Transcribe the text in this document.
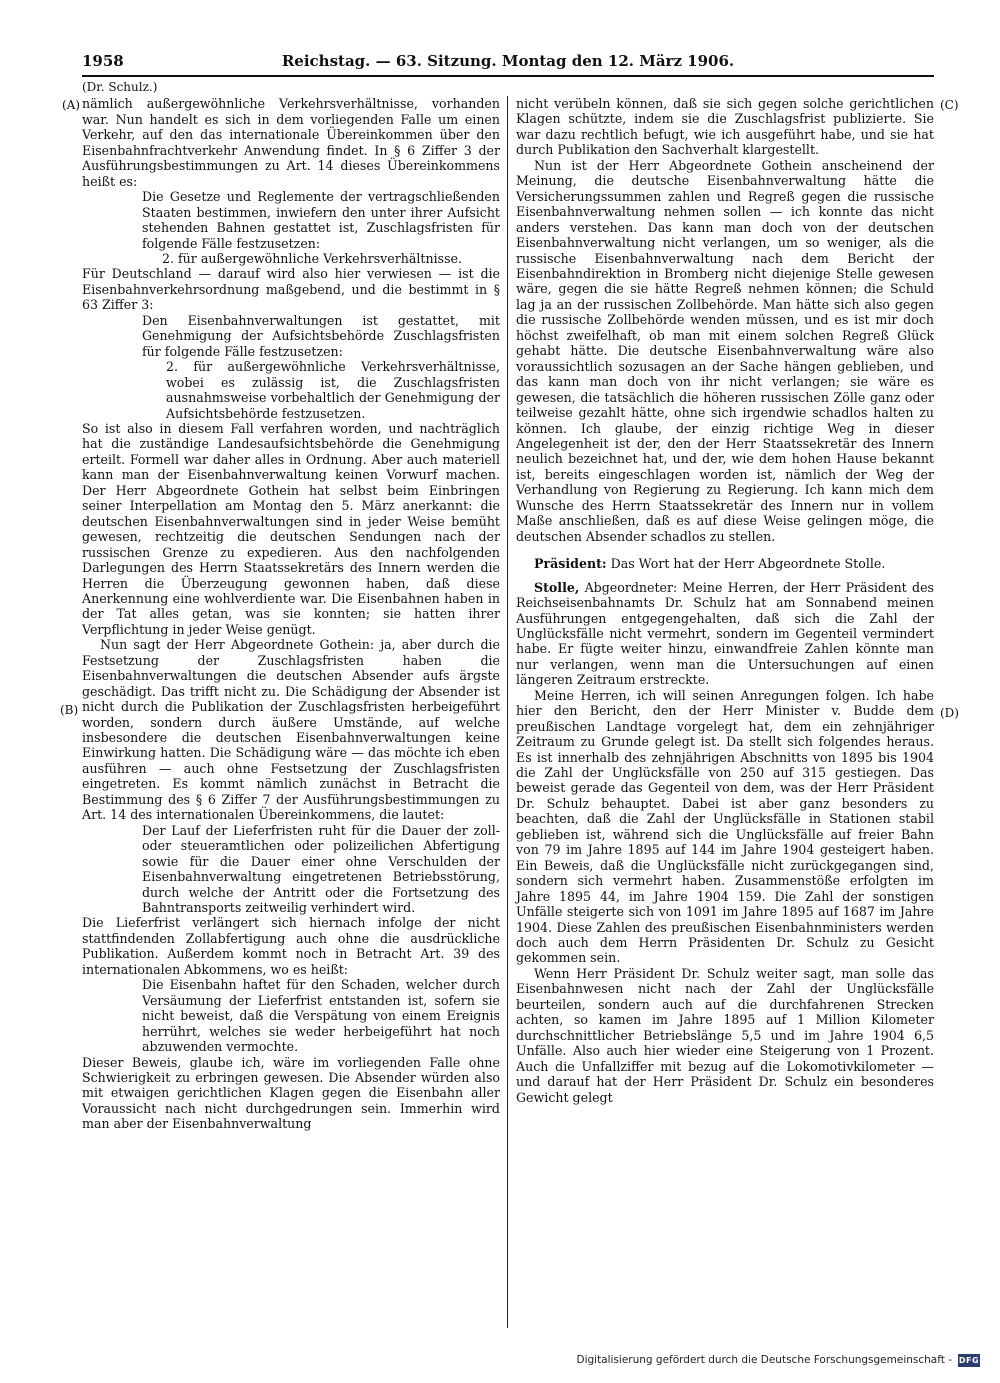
1958	Reichstag. — 63. Sitzung. Montag den 12. März 1906.
(A)
(B)
(C)
(D)
(Dr. Schulz.)

nämlich außergewöhnliche Verkehrsverhältnisse, vorhanden war. Nun handelt es sich in dem vorliegenden Falle um einen Verkehr, auf den das internationale Übereinkommen über den Eisenbahnfrachtverkehr Anwendung findet. In § 6 Ziffer 3 der Ausführungsbestimmungen zu Art. 14 dieses Übereinkommens heißt es:

Die Gesetze und Reglemente der vertragschließenden Staaten bestimmen, inwiefern den unter ihrer Aufsicht stehenden Bahnen gestattet ist, Zuschlagsfristen für folgende Fälle festzusetzen:

2. für außergewöhnliche Verkehrsverhältnisse.

Für Deutschland — darauf wird also hier verwiesen — ist die Eisenbahnverkehrsordnung maßgebend, und die bestimmt in § 63 Ziffer 3:

Den Eisenbahnverwaltungen ist gestattet, mit Genehmigung der Aufsichtsbehörde Zuschlagsfristen für folgende Fälle festzusetzen:

2. für außergewöhnliche Verkehrsverhältnisse, wobei es zulässig ist, die Zuschlagsfristen ausnahmsweise vorbehaltlich der Genehmigung der Aufsichtsbehörde festzusetzen.

So ist also in diesem Fall verfahren worden, und nachträglich hat die zuständige Landesaufsichtsbehörde die Genehmigung erteilt. Formell war daher alles in Ordnung. Aber auch materiell kann man der Eisenbahnverwaltung keinen Vorwurf machen. Der Herr Abgeordnete Gothein hat selbst beim Einbringen seiner Interpellation am Montag den 5. März anerkannt: die deutschen Eisenbahnverwaltungen sind in jeder Weise bemüht gewesen, rechtzeitig die deutschen Sendungen nach der russischen Grenze zu expedieren. Aus den nachfolgenden Darlegungen des Herrn Staatssekretärs des Innern werden die Herren die Überzeugung gewonnen haben, daß diese Anerkennung eine wohlverdiente war. Die Eisenbahnen haben in der Tat alles getan, was sie konnten; sie hatten ihrer Verpflichtung in jeder Weise genügt.

Nun sagt der Herr Abgeordnete Gothein: ja, aber durch die Festsetzung der Zuschlagsfristen haben die Eisenbahnverwaltungen die deutschen Absender aufs ärgste geschädigt. Das trifft nicht zu. Die Schädigung der Absender ist nicht durch die Publikation der Zuschlagsfristen herbeigeführt worden, sondern durch äußere Umstände, auf welche insbesondere die deutschen Eisenbahnverwaltungen keine Einwirkung hatten. Die Schädigung wäre — das möchte ich eben ausführen — auch ohne Festsetzung der Zuschlagsfristen eingetreten. Es kommt nämlich zunächst in Betracht die Bestimmung des § 6 Ziffer 7 der Ausführungsbestimmungen zu Art. 14 des internationalen Übereinkommens, die lautet:

Der Lauf der Lieferfristen ruht für die Dauer der zoll- oder steueramtlichen oder polizeilichen Abfertigung sowie für die Dauer einer ohne Verschulden der Eisenbahnverwaltung eingetretenen Betriebsstörung, durch welche der Antritt oder die Fortsetzung des Bahntransports zeitweilig verhindert wird.

Die Lieferfrist verlängert sich hiernach infolge der nicht stattfindenden Zollabfertigung auch ohne die ausdrückliche Publikation. Außerdem kommt noch in Betracht Art. 39 des internationalen Abkommens, wo es heißt:

Die Eisenbahn haftet für den Schaden, welcher durch Versäumung der Lieferfrist entstanden ist, sofern sie nicht beweist, daß die Verspätung von einem Ereignis herrührt, welches sie weder herbeigeführt hat noch abzuwenden vermochte.

Dieser Beweis, glaube ich, wäre im vorliegenden Falle ohne Schwierigkeit zu erbringen gewesen. Die Absender würden also mit etwaigen gerichtlichen Klagen gegen die Eisenbahn aller Voraussicht nach nicht durchgedrungen sein. Immerhin wird man aber der Eisenbahnverwaltung

nicht verübeln können, daß sie sich gegen solche gerichtlichen Klagen schützte, indem sie die Zuschlagsfrist publizierte. Sie war dazu rechtlich befugt, wie ich ausgeführt habe, und sie hat durch Publikation den Sachverhalt klargestellt.

Nun ist der Herr Abgeordnete Gothein anscheinend der Meinung, die deutsche Eisenbahnverwaltung hätte die Versicherungssummen zahlen und Regreß gegen die russische Eisenbahnverwaltung nehmen sollen — ich konnte das nicht anders verstehen. Das kann man doch von der deutschen Eisenbahnverwaltung nicht verlangen, um so weniger, als die russische Eisenbahnverwaltung nach dem Bericht der Eisenbahndirektion in Bromberg nicht diejenige Stelle gewesen wäre, gegen die sie hätte Regreß nehmen können; die Schuld lag ja an der russischen Zollbehörde. Man hätte sich also gegen die russische Zollbehörde wenden müssen, und es ist mir doch höchst zweifelhaft, ob man mit einem solchen Regreß Glück gehabt hätte. Die deutsche Eisenbahnverwaltung wäre also voraussichtlich sozusagen an der Sache hängen geblieben, und das kann man doch von ihr nicht verlangen; sie wäre es gewesen, die tatsächlich die höheren russischen Zölle ganz oder teilweise gezahlt hätte, ohne sich irgendwie schadlos halten zu können. Ich glaube, der einzig richtige Weg in dieser Angelegenheit ist der, den der Herr Staatssekretär des Innern neulich bezeichnet hat, und der, wie dem hohen Hause bekannt ist, bereits eingeschlagen worden ist, nämlich der Weg der Verhandlung von Regierung zu Regierung. Ich kann mich dem Wunsche des Herrn Staatssekretär des Innern nur in vollem Maße anschließen, daß es auf diese Weise gelingen möge, die deutschen Absender schadlos zu stellen.

Präsident: Das Wort hat der Herr Abgeordnete Stolle.

Stolle, Abgeordneter: Meine Herren, der Herr Präsident des Reichseisenbahnamts Dr. Schulz hat am Sonnabend meinen Ausführungen entgegengehalten, daß sich die Zahl der Unglücksfälle nicht vermehrt, sondern im Gegenteil vermindert habe. Er fügte weiter hinzu, einwandfreie Zahlen könnte man nur verlangen, wenn man die Untersuchungen auf einen längeren Zeitraum erstreckte.

Meine Herren, ich will seinen Anregungen folgen. Ich habe hier den Bericht, den der Herr Minister v. Budde dem preußischen Landtage vorgelegt hat, dem ein zehnjähriger Zeitraum zu Grunde gelegt ist. Da stellt sich folgendes heraus. Es ist innerhalb des zehnjährigen Abschnitts von 1895 bis 1904 die Zahl der Unglücksfälle von 250 auf 315 gestiegen. Das beweist gerade das Gegenteil von dem, was der Herr Präsident Dr. Schulz behauptet. Dabei ist aber ganz besonders zu beachten, daß die Zahl der Unglücksfälle in Stationen stabil geblieben ist, während sich die Unglücksfälle auf freier Bahn von 79 im Jahre 1895 auf 144 im Jahre 1904 gesteigert haben. Ein Beweis, daß die Unglücksfälle nicht zurückgegangen sind, sondern sich vermehrt haben. Zusammenstöße erfolgten im Jahre 1895 44, im Jahre 1904 159. Die Zahl der sonstigen Unfälle steigerte sich von 1091 im Jahre 1895 auf 1687 im Jahre 1904. Diese Zahlen des preußischen Eisenbahnministers werden doch auch dem Herrn Präsidenten Dr. Schulz zu Gesicht gekommen sein.

Wenn Herr Präsident Dr. Schulz weiter sagt, man solle das Eisenbahnwesen nicht nach der Zahl der Unglücksfälle beurteilen, sondern auch auf die durchfahrenen Strecken achten, so kamen im Jahre 1895 auf 1 Million Kilometer durchschnittlicher Betriebslänge 5,5 und im Jahre 1904 6,5 Unfälle. Also auch hier wieder eine Steigerung von 1 Prozent. Auch die Unfallziffer mit bezug auf die Lokomotivkilometer — und darauf hat der Herr Präsident Dr. Schulz ein besonderes Gewicht gelegt

Digitalisierung gefördert durch die Deutsche Forschungsgemeinschaft - DFG
